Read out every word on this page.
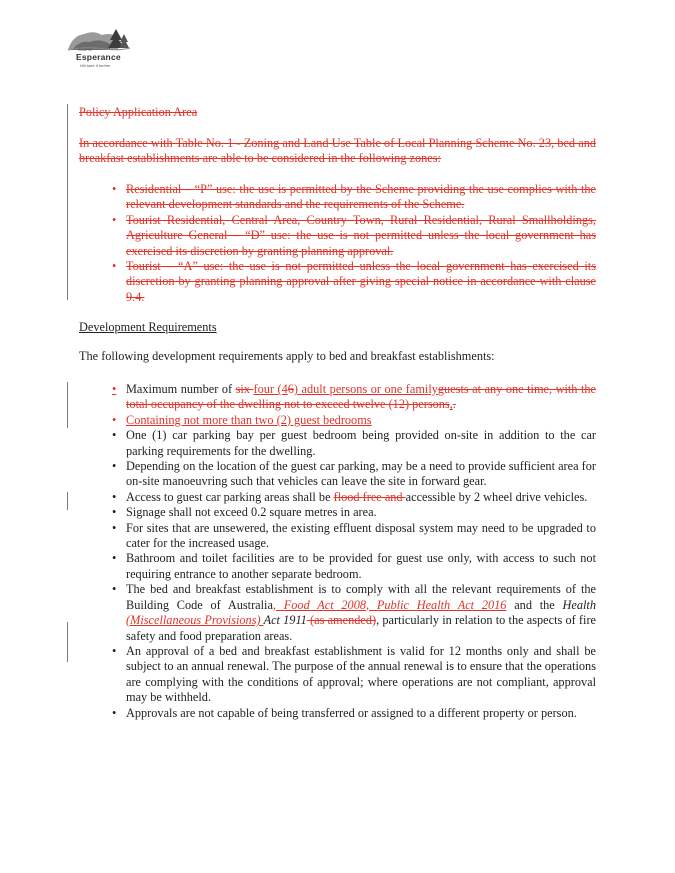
Shire of
Esperance
We take it further

Policy Application Area

In accordance with Table No. 1 - Zoning and Land Use Table of Local Planning Scheme No. 23, bed and breakfast establishments are able to be considered in the following zones:

• Residential – “P” use: the use is permitted by the Scheme providing the use complies with the relevant development standards and the requirements of the Scheme.
• Tourist Residential, Central Area, Country Town, Rural Residential, Rural Smallholdings, Agriculture General – “D” use: the use is not permitted unless the local government has exercised its discretion by granting planning approval.
• Tourist – “A” use: the use is not permitted unless the local government has exercised its discretion by granting planning approval after giving special notice in accordance with clause 9.4.

Development Requirements

The following development requirements apply to bed and breakfast establishments:

• Maximum number of six four (46) adult persons or one familyguests at any one time, with the total occupancy of the dwelling not to exceed twelve (12) persons,.
• Containing not more than two (2) guest bedrooms
• One (1) car parking bay per guest bedroom being provided on-site in addition to the car parking requirements for the dwelling.
• Depending on the location of the guest car parking, may be a need to provide sufficient area for on-site manoeuvring such that vehicles can leave the site in forward gear.
• Access to guest car parking areas shall be flood free and accessible by 2 wheel drive vehicles.
• Signage shall not exceed 0.2 square metres in area.
• For sites that are unsewered, the existing effluent disposal system may need to be upgraded to cater for the increased usage.
• Bathroom and toilet facilities are to be provided for guest use only, with access to such not requiring entrance to another separate bedroom.
• The bed and breakfast establishment is to comply with all the relevant requirements of the Building Code of Australia, Food Act 2008, Public Health Act 2016 and the Health (Miscellaneous Provisions) Act 1911 (as amended), particularly in relation to the aspects of fire safety and food preparation areas.
• An approval of a bed and breakfast establishment is valid for 12 months only and shall be subject to an annual renewal. The purpose of the annual renewal is to ensure that the operations are complying with the conditions of approval; where operations are not compliant, approval may be withheld.
• Approvals are not capable of being transferred or assigned to a different property or person.
